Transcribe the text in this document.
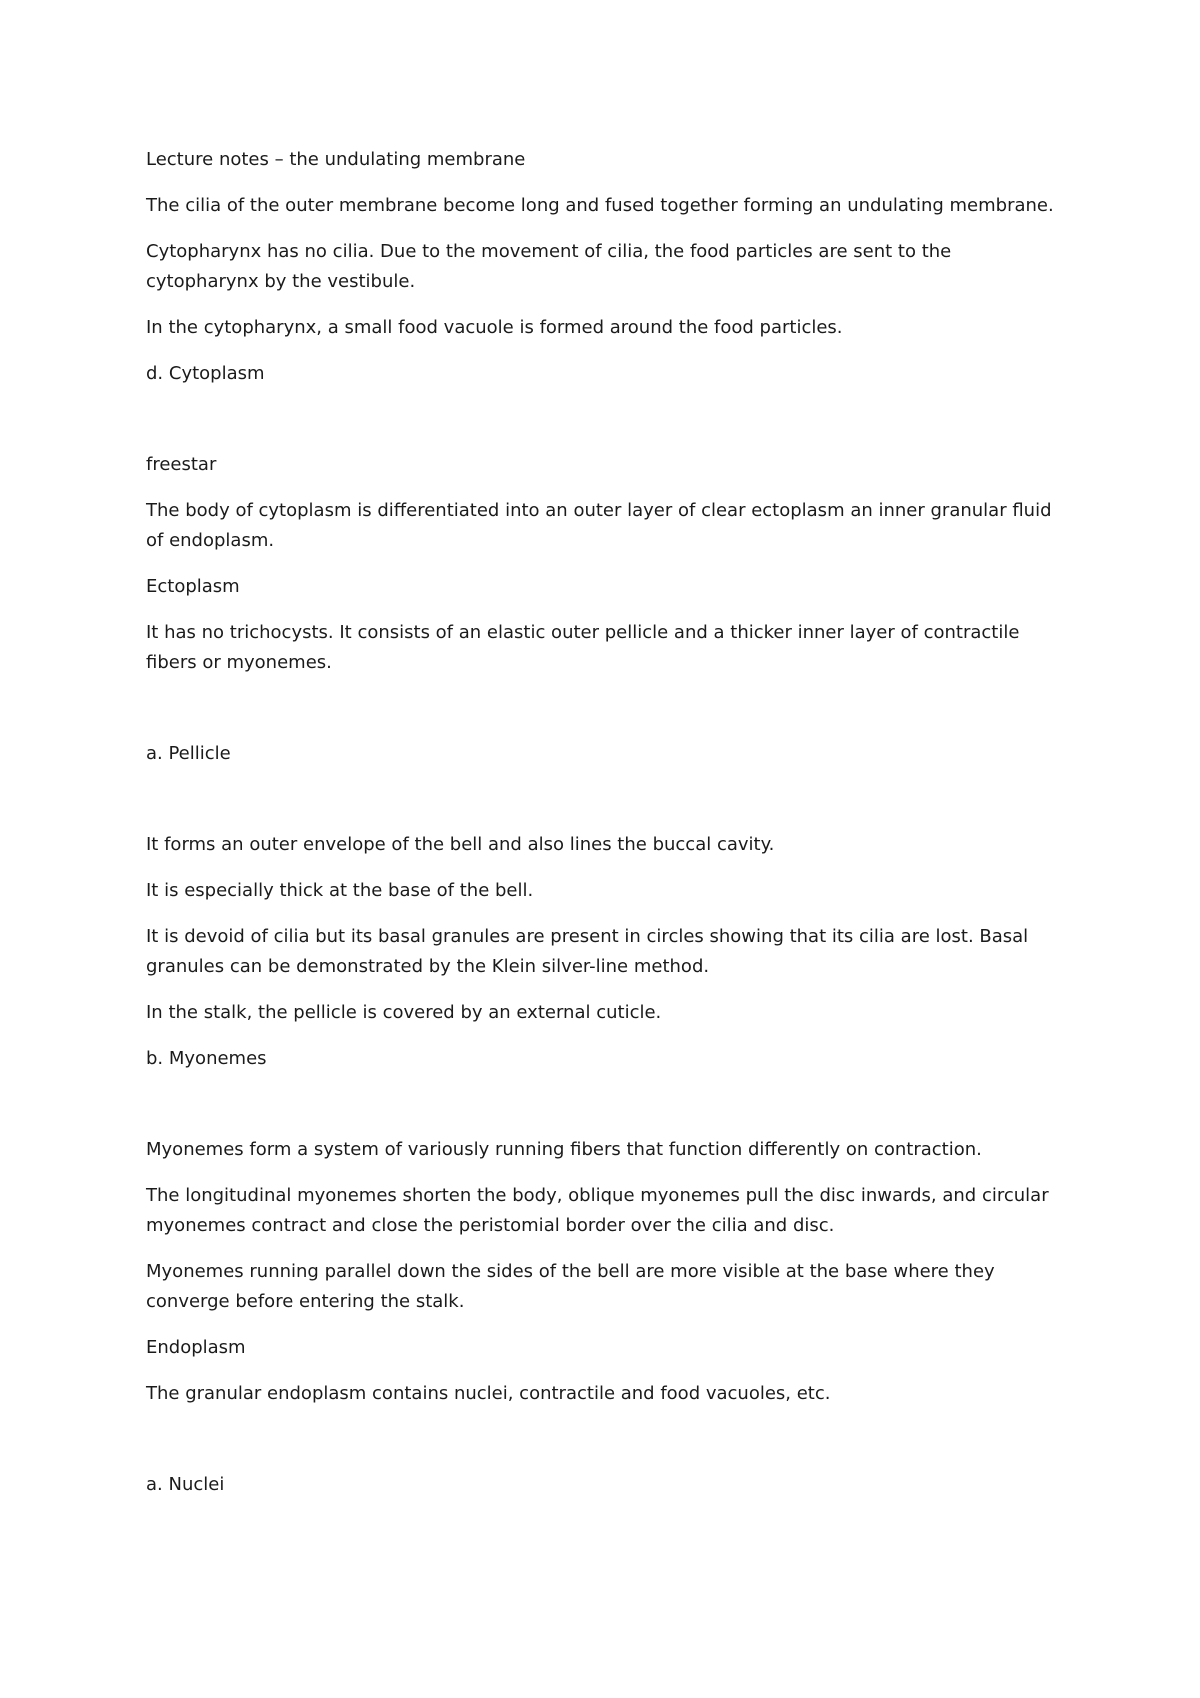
Lecture notes – the undulating membrane

The cilia of the outer membrane become long and fused together forming an undulating membrane.

Cytopharynx has no cilia. Due to the movement of cilia, the food particles are sent to the

cytopharynx by the vestibule.

In the cytopharynx, a small food vacuole is formed around the food particles.

d. Cytoplasm

freestar

The body of cytoplasm is differentiated into an outer layer of clear ectoplasm an inner granular fluid

of endoplasm.

Ectoplasm

It has no trichocysts. It consists of an elastic outer pellicle and a thicker inner layer of contractile

fibers or myonemes.

a. Pellicle

It forms an outer envelope of the bell and also lines the buccal cavity.

It is especially thick at the base of the bell.

It is devoid of cilia but its basal granules are present in circles showing that its cilia are lost. Basal

granules can be demonstrated by the Klein silver-line method.

In the stalk, the pellicle is covered by an external cuticle.

b. Myonemes

Myonemes form a system of variously running fibers that function differently on contraction.

The longitudinal myonemes shorten the body, oblique myonemes pull the disc inwards, and circular

myonemes contract and close the peristomial border over the cilia and disc.

Myonemes running parallel down the sides of the bell are more visible at the base where they

converge before entering the stalk.

Endoplasm

The granular endoplasm contains nuclei, contractile and food vacuoles, etc.

a. Nuclei
